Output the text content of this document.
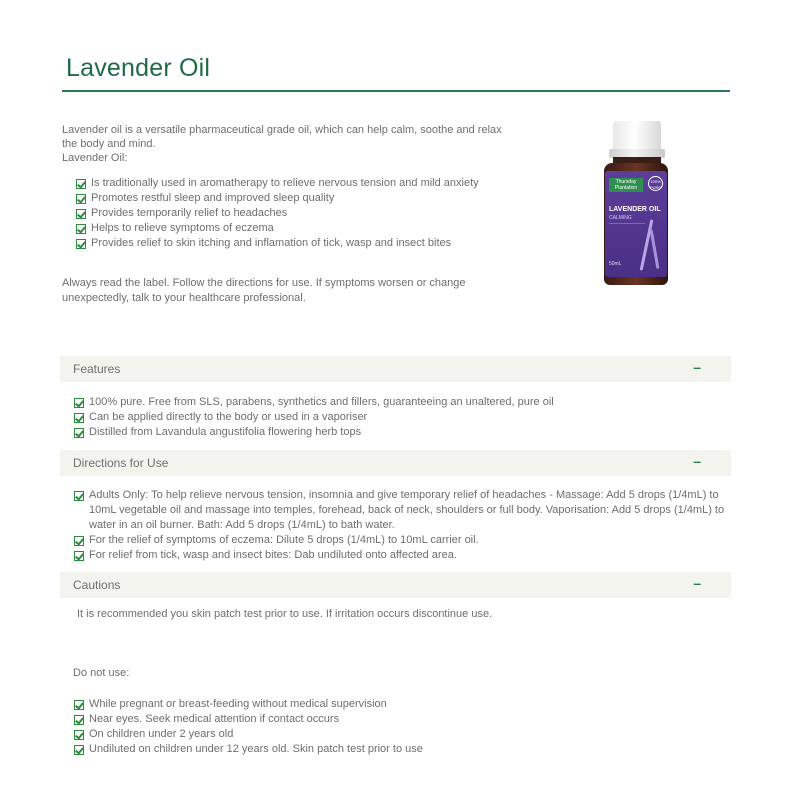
Lavender Oil
Lavender oil is a versatile pharmaceutical grade oil, which can help calm, soothe and relax the body and mind.
Lavender Oil:
Is traditionally used in aromatherapy to relieve nervous tension and mild anxiety
Promotes restful sleep and improved sleep quality
Provides temporarily relief to headaches
Helps to relieve symptoms of eczema
Provides relief to skin itching and inflamation of tick, wasp and insect bites

Always read the label. Follow the directions for use. If symptoms worsen or change unexpectedly, talk to your healthcare professional.

Thursday Plantation
100% PURE
LAVENDER OIL
CALMING
50mL
Features	–
100% pure. Free from SLS, parabens, synthetics and fillers, guaranteeing an unaltered, pure oil
Can be applied directly to the body or used in a vaporiser
Distilled from Lavandula angustifolia flowering herb tops
Directions for Use	–
Adults Only: To help relieve nervous tension, insomnia and give temporary relief of headaches - Massage: Add 5 drops (1/4mL) to 10mL vegetable oil and massage into temples, forehead, back of neck, shoulders or full body. Vaporisation: Add 5 drops (1/4mL) to water in an oil burner. Bath: Add 5 drops (1/4mL) to bath water.
For the relief of symptoms of eczema: Dilute 5 drops (1/4mL) to 10mL carrier oil.
For relief from tick, wasp and insect bites: Dab undiluted onto affected area.
Cautions	–

It is recommended you skin patch test prior to use. If irritation occurs discontinue use.

Do not use:

While pregnant or breast-feeding without medical supervision
Near eyes. Seek medical attention if contact occurs
On children under 2 years old
Undiluted on children under 12 years old. Skin patch test prior to use
